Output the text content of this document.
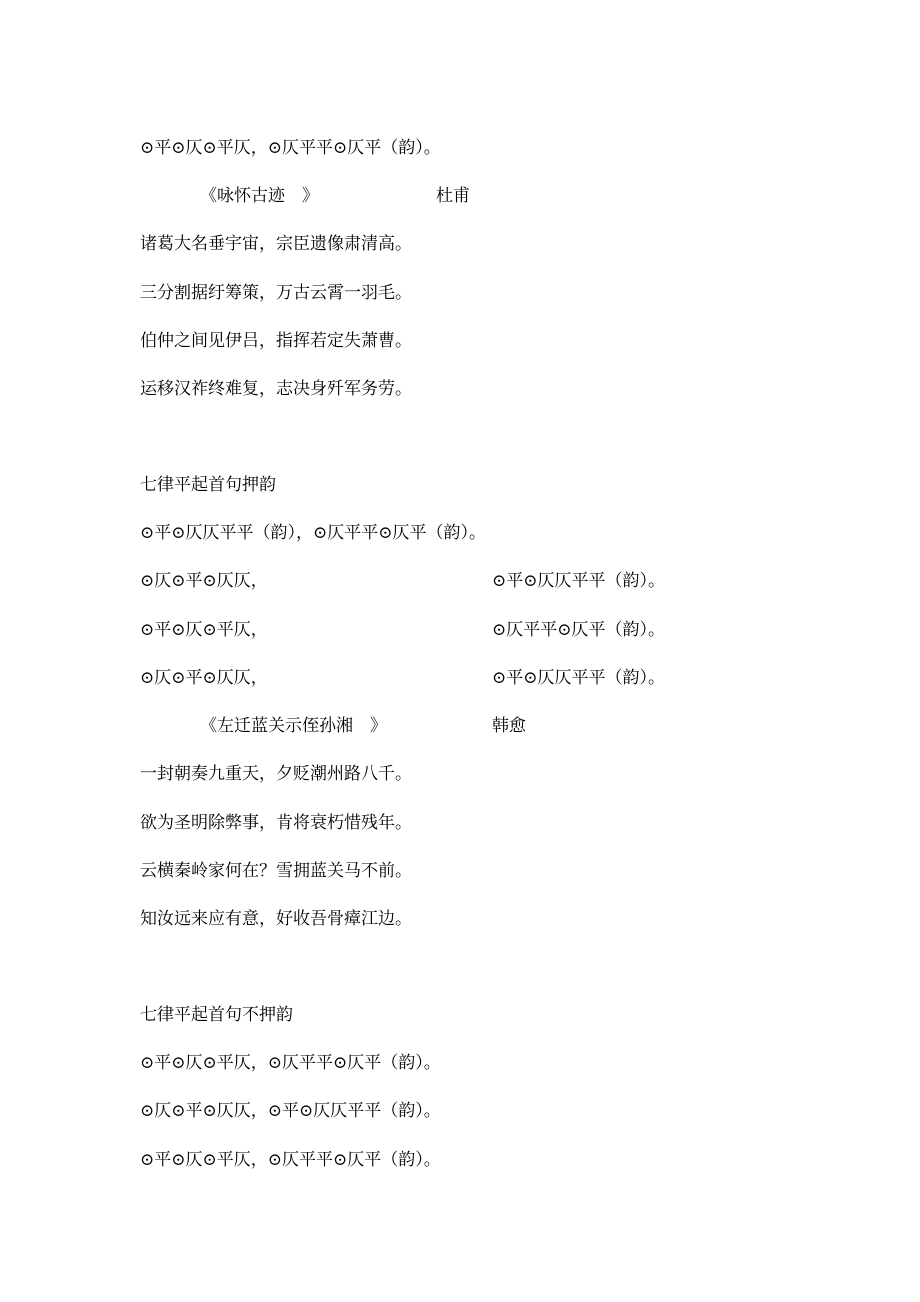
⊙平⊙仄⊙平仄，⊙仄平平⊙仄平（韵）。
《咏怀古迹　》	杜甫
诸葛大名垂宇宙，宗臣遗像肃清高。
三分割据纡筹策，万古云霄一羽毛。
伯仲之间见伊吕，指挥若定失萧曹。
运移汉祚终难复，志决身歼军务劳。
七律平起首句押韵
⊙平⊙仄仄平平（韵），⊙仄平平⊙仄平（韵）。
⊙仄⊙平⊙仄仄，	⊙平⊙仄仄平平（韵）。
⊙平⊙仄⊙平仄，	⊙仄平平⊙仄平（韵）。
⊙仄⊙平⊙仄仄，	⊙平⊙仄仄平平（韵）。
《左迁蓝关示侄孙湘　》	韩愈
一封朝奏九重天，夕贬潮州路八千。
欲为圣明除弊事，肯将衰朽惜残年。
云横秦岭家何在？雪拥蓝关马不前。
知汝远来应有意，好收吾骨瘴江边。
七律平起首句不押韵
⊙平⊙仄⊙平仄，⊙仄平平⊙仄平（韵）。
⊙仄⊙平⊙仄仄，⊙平⊙仄仄平平（韵）。
⊙平⊙仄⊙平仄，⊙仄平平⊙仄平（韵）。
